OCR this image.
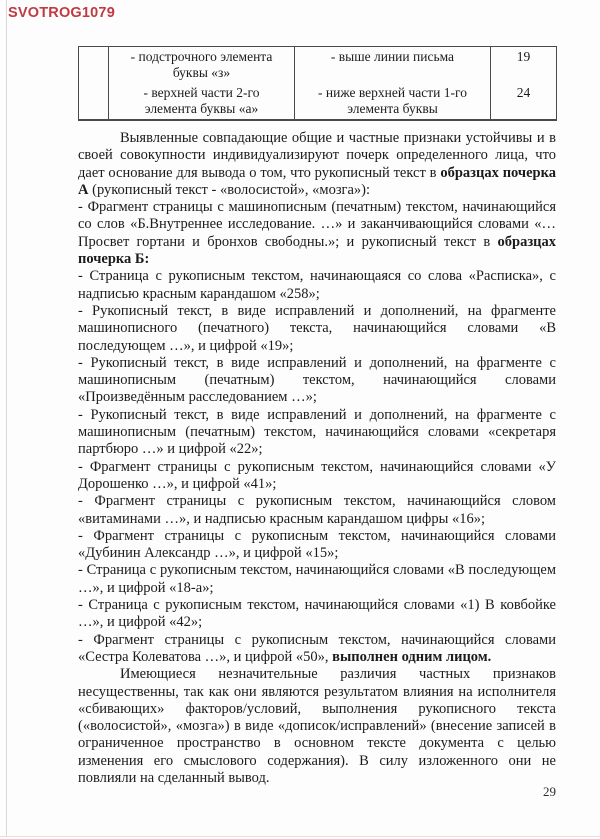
SVOTROG1079
	- подстрочного элемента буквы «з»	- выше линии письма	19
	- верхней части 2-го элемента буквы «а»	- ниже верхней части 1-го элемента буквы	24

Выявленные совпадающие общие и частные признаки устойчивы и в своей совокупности индивидуализируют почерк определенного лица, что дает основание для вывода о том, что рукописный текст в образцах почерка А (рукописный текст - «волосистой», «мозга»):

- Фрагмент страницы с машинописным (печатным) текстом, начинающийся со слов «Б.Внутреннее исследование. …» и заканчивающийся словами «…Просвет гортани и бронхов свободны.»; и рукописный текст в образцах почерка Б:

- Страница с рукописным текстом, начинающаяся со слова «Расписка», с надписью красным карандашом «258»;

- Рукописный текст, в виде исправлений и дополнений, на фрагменте машинописного (печатного) текста, начинающийся словами «В последующем …», и цифрой «19»;

- Рукописный текст, в виде исправлений и дополнений, на фрагменте с машинописным (печатным) текстом, начинающийся словами «Произведённым расследованием …»;

- Рукописный текст, в виде исправлений и дополнений, на фрагменте с машинописным (печатным) текстом, начинающийся словами «секретаря партбюро …» и цифрой «22»;

- Фрагмент страницы с рукописным текстом, начинающийся словами «У Дорошенко …», и цифрой «41»;

- Фрагмент страницы с рукописным текстом, начинающийся словом «витаминами …», и надписью красным карандашом цифры «16»;

- Фрагмент страницы с рукописным текстом, начинающийся словами «Дубинин Александр …», и цифрой «15»;

- Страница с рукописным текстом, начинающийся словами «В последующем …», и цифрой «18-а»;

- Страница с рукописным текстом, начинающийся словами «1) В ковбойке …», и цифрой «42»;

- Фрагмент страницы с рукописным текстом, начинающийся словами «Сестра Колеватова …», и цифрой «50», выполнен одним лицом.

Имеющиеся незначительные различия частных признаков несущественны, так как они являются результатом влияния на исполнителя «сбивающих» факторов/условий, выполнения рукописного текста («волосистой», «мозга») в виде «дописок/исправлений» (внесение записей в ограниченное пространство в основном тексте документа с целью изменения его смыслового содержания). В силу изложенного они не повлияли на сделанный вывод.

29
